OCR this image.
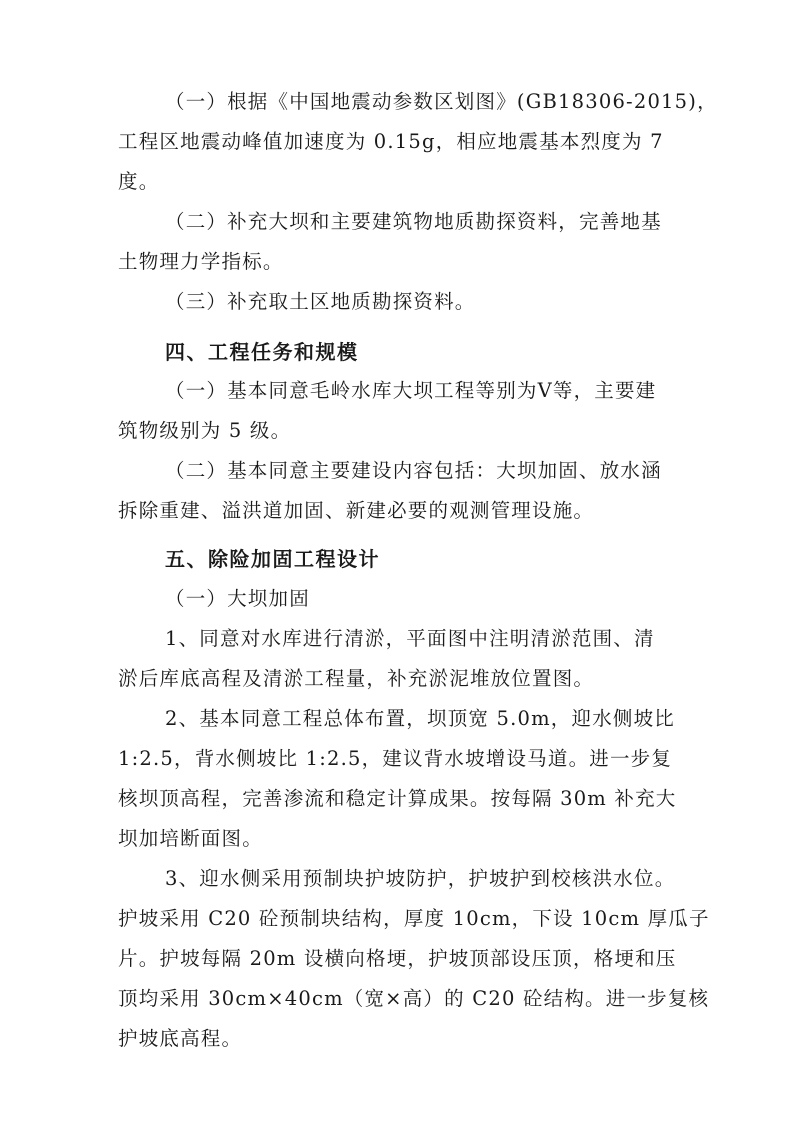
（一）根据《中国地震动参数区划图》(GB18306-2015)，
工程区地震动峰值加速度为 0.15g，相应地震基本烈度为 7
度。
（二）补充大坝和主要建筑物地质勘探资料，完善地基
土物理力学指标。
（三）补充取土区地质勘探资料。
四、工程任务和规模
（一）基本同意毛岭水库大坝工程等别为Ⅴ等，主要建
筑物级别为 5 级。
（二）基本同意主要建设内容包括：大坝加固、放水涵
拆除重建、溢洪道加固、新建必要的观测管理设施。
五、除险加固工程设计
（一）大坝加固
1、同意对水库进行清淤，平面图中注明清淤范围、清
淤后库底高程及清淤工程量，补充淤泥堆放位置图。
2、基本同意工程总体布置，坝顶宽 5.0m，迎水侧坡比
1:2.5，背水侧坡比 1:2.5，建议背水坡增设马道。进一步复
核坝顶高程，完善渗流和稳定计算成果。按每隔 30m 补充大
坝加培断面图。
3、迎水侧采用预制块护坡防护，护坡护到校核洪水位。
护坡采用 C20 砼预制块结构，厚度 10cm，下设 10cm 厚瓜子
片。护坡每隔 20m 设横向格埂，护坡顶部设压顶，格埂和压
顶均采用 30cm×40cm（宽×高）的 C20 砼结构。进一步复核
护坡底高程。
